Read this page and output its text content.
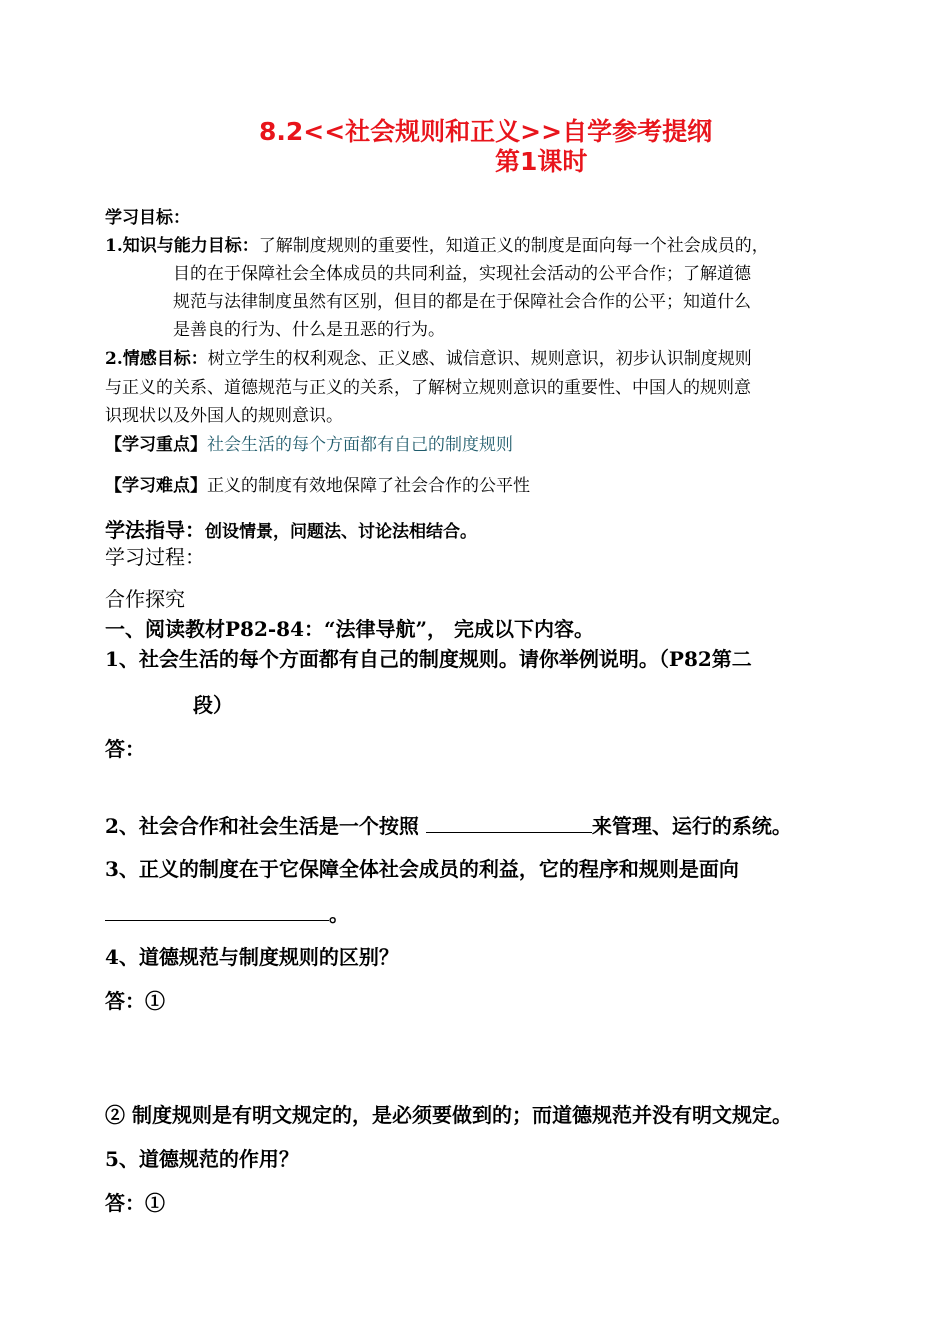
8.2<<社会规则和正义>>自学参考提纲
第1课时
学习目标：
1.知识与能力目标：了解制度规则的重要性，知道正义的制度是面向每一个社会成员的，
目的在于保障社会全体成员的共同利益，实现社会活动的公平合作；了解道德
规范与法律制度虽然有区别，但目的都是在于保障社会合作的公平；知道什么
是善良的行为、什么是丑恶的行为。
2.情感目标：树立学生的权利观念、正义感、诚信意识、规则意识，初步认识制度规则
与正义的关系、道德规范与正义的关系，了解树立规则意识的重要性、中国人的规则意
识现状以及外国人的规则意识。
【学习重点】社会生活的每个方面都有自己的制度规则
【学习难点】正义的制度有效地保障了社会合作的公平性
学法指导：创设情景，问题法、讨论法相结合。
学习过程：
合作探究
一、阅读教材P82-84：“法律导航”， 完成以下内容。
1、社会生活的每个方面都有自己的制度规则。请你举例说明。（P82第二
段）
答：
2、社会合作和社会生活是一个按照	来管理、运行的系统。
3、正义的制度在于它保障全体社会成员的利益，它的程序和规则是面向
。
4、道德规范与制度规则的区别？
答：①
② 制度规则是有明文规定的，是必须要做到的；而道德规范并没有明文规定。
5、道德规范的作用？
答：①
